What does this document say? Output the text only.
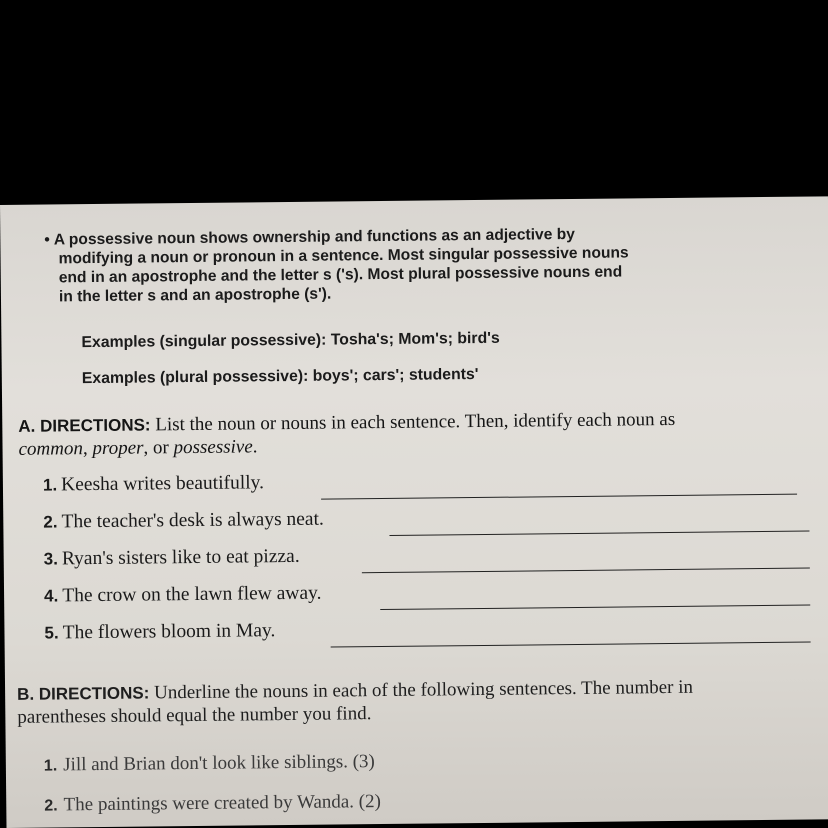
• A possessive noun shows ownership and functions as an adjective by
modifying a noun or pronoun in a sentence. Most singular possessive nouns
end in an apostrophe and the letter s ('s). Most plural possessive nouns end
in the letter s and an apostrophe (s').
Examples (singular possessive): Tosha's; Mom's; bird's
Examples (plural possessive): boys'; cars'; students'
A. DIRECTIONS: List the noun or nouns in each sentence. Then, identify each noun as
common, proper, or possessive.
1. Keesha writes beautifully.
2. The teacher's desk is always neat.
3. Ryan's sisters like to eat pizza.
4. The crow on the lawn flew away.
5. The flowers bloom in May.
B. DIRECTIONS: Underline the nouns in each of the following sentences. The number in
parentheses should equal the number you find.
1. Jill and Brian don't look like siblings. (3)
2. The paintings were created by Wanda. (2)
